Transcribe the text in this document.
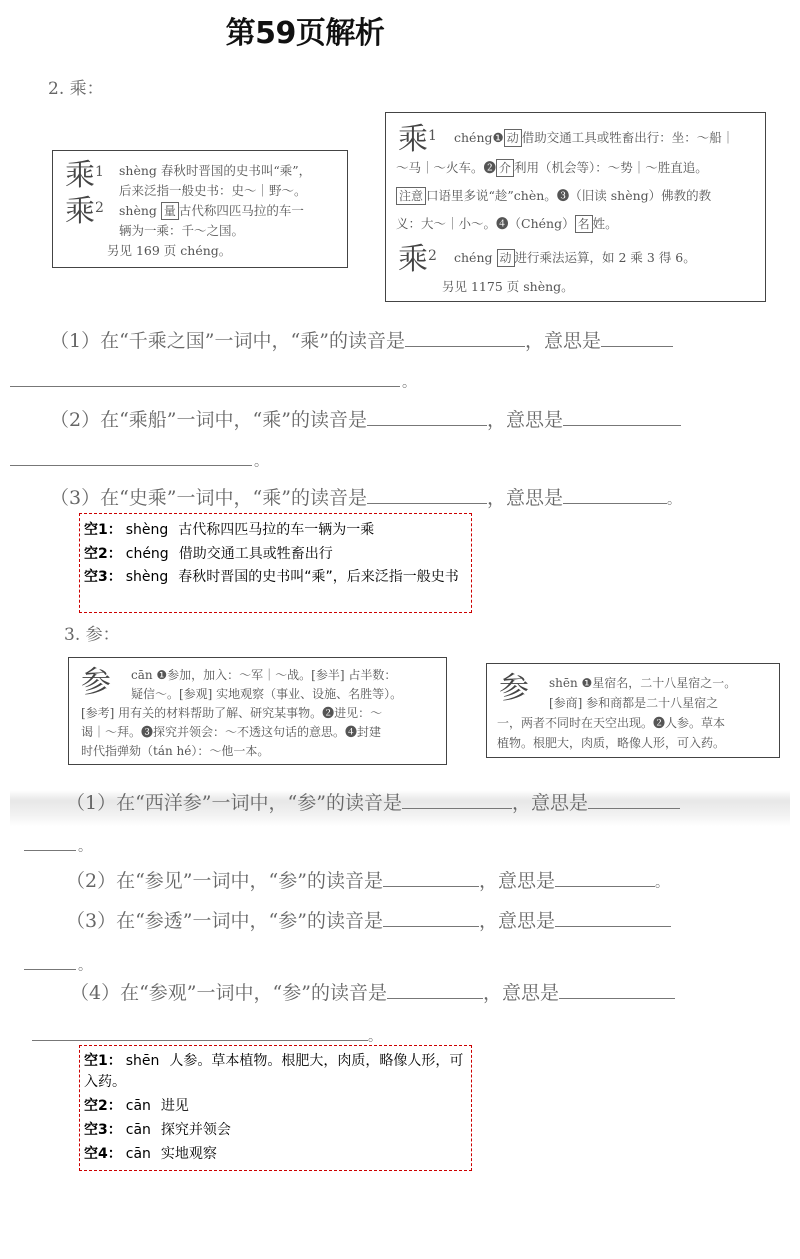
第59页解析
2. 乘：
乘1
乘2
shèng 春秋时晋国的史书叫“乘”，
后来泛指一般史书：史～｜野～。
shèng 量 古代称四匹马拉的车一
辆为一乘：千～之国。
另见 169 页 chéng。
乘1 chéng❶ 动 借助交通工具或牲畜出行：坐：～船｜
～马｜～火车。❷ 介 利用（机会等）：～势｜～胜直追。
注意 口语里多说“趁”chèn。❸（旧读 shèng）佛教的教
义：大～｜小～。❹（Chéng） 名 姓。
乘2 chéng 动 进行乘法运算，如 2 乘 3 得 6。
另见 1175 页 shèng。
（1）在“千乘之国”一词中，“乘”的读音是	，意思是
。
（2）在“乘船”一词中，“乘”的读音是	，意思是
。
（3）在“史乘”一词中，“乘”的读音是	，意思是	。
空1： shèng 古代称四匹马拉的车一辆为一乘
空2： chéng 借助交通工具或牲畜出行
空3： shèng 春秋时晋国的史书叫“乘”，后来泛指一般史书
3. 参：
参 cān ❶参加，加入：～军｜～战。[参半] 占半数：
疑信～。[参观] 实地观察（事业、设施、名胜等）。
[参考] 用有关的材料帮助了解、研究某事物。❷进见：～
谒｜～拜。❸探究并领会：～不透这句话的意思。❹封建
时代指弹劾（tán hé）：～他一本。
参 shēn ❶星宿名，二十八星宿之一。
[参商] 参和商都是二十八星宿之
一，两者不同时在天空出现。❷人参。草本
植物。根肥大，肉质，略像人形，可入药。
（1）在“西洋参”一词中，“参”的读音是	，意思是
。
（2）在“参见”一词中，“参”的读音是	，意思是	。
（3）在“参透”一词中，“参”的读音是	，意思是
。
（4）在“参观”一词中，“参”的读音是	，意思是
。
空1： shēn 人参。草本植物。根肥大，肉质，略像人形，可入药。
空2： cān 进见
空3： cān 探究并领会
空4： cān 实地观察
